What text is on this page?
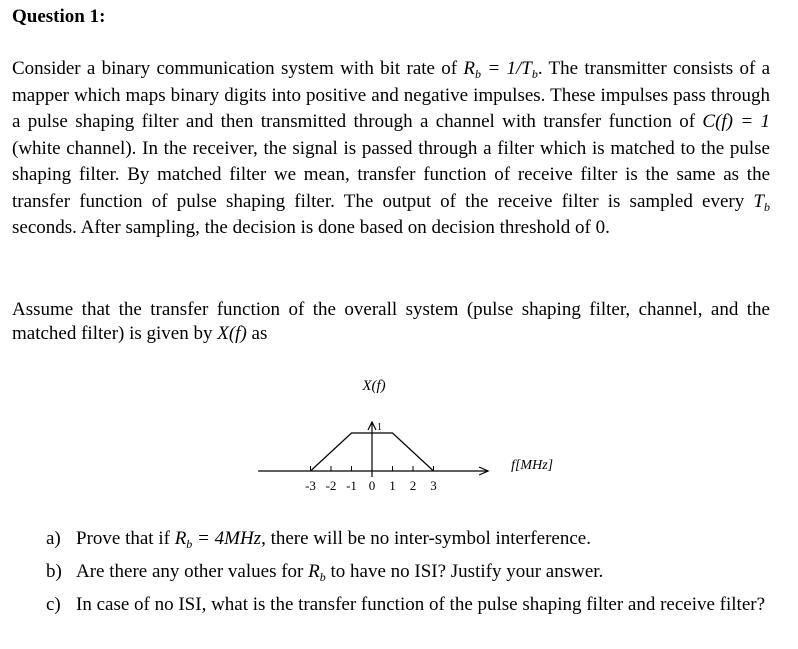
Question 1:
Consider a binary communication system with bit rate of $R_b = 1/T_b$. The transmitter consists of a mapper which maps binary digits into positive and negative impulses. These impulses pass through a pulse shaping filter and then transmitted through a channel with transfer function of C(f) = 1 (white channel). In the receiver, the signal is passed through a filter which is matched to the pulse shaping filter. By matched filter we mean, transfer function of receive filter is the same as the transfer function of pulse shaping filter. The output of the receive filter is sampled every $T_b$ seconds. After sampling, the decision is done based on decision threshold of 0.
Assume that the transfer function of the overall system (pulse shaping filter, channel, and the matched filter) is given by X(f) as
-3 -2 -1 0 1 2 3
1
X(f)
f[MHz]
a) Prove that if $R_b = 4MHz$, there will be no inter-symbol interference.
b) Are there any other values for $R_b$ to have no ISI? Justify your answer.
c) In case of no ISI, what is the transfer function of the pulse shaping filter and receive filter?
